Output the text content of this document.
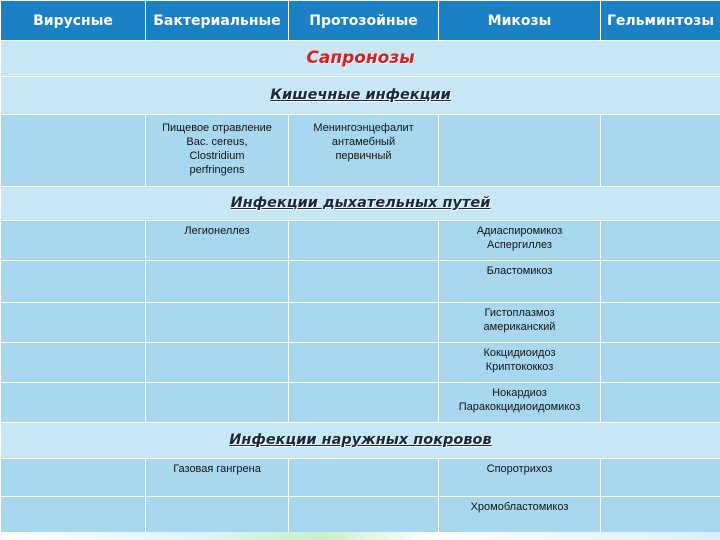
Вирусные	Бактериальные	Протозойные	Микозы	Гельминтозы
Сапронозы				
Кишечные инфекции				

	Пищевое отравление
Bac. cereus,
Clostridium
perfringens	Менингоэнцефалит
антамебный
первичный		

Инфекции дыхательных путей				

	Легионеллез		Адиаспиромикоз
Аспергиллез	

			Бластомикоз	

			Гистоплазмоз
американский	

			Кокцидиоидоз
Криптококкоз	

			Нокардиоз
Паракокцидиоидомикоз	

Инфекции наружных покровов				

	Газовая гангрена		Споротрихоз	

			Хромобластомикоз	
